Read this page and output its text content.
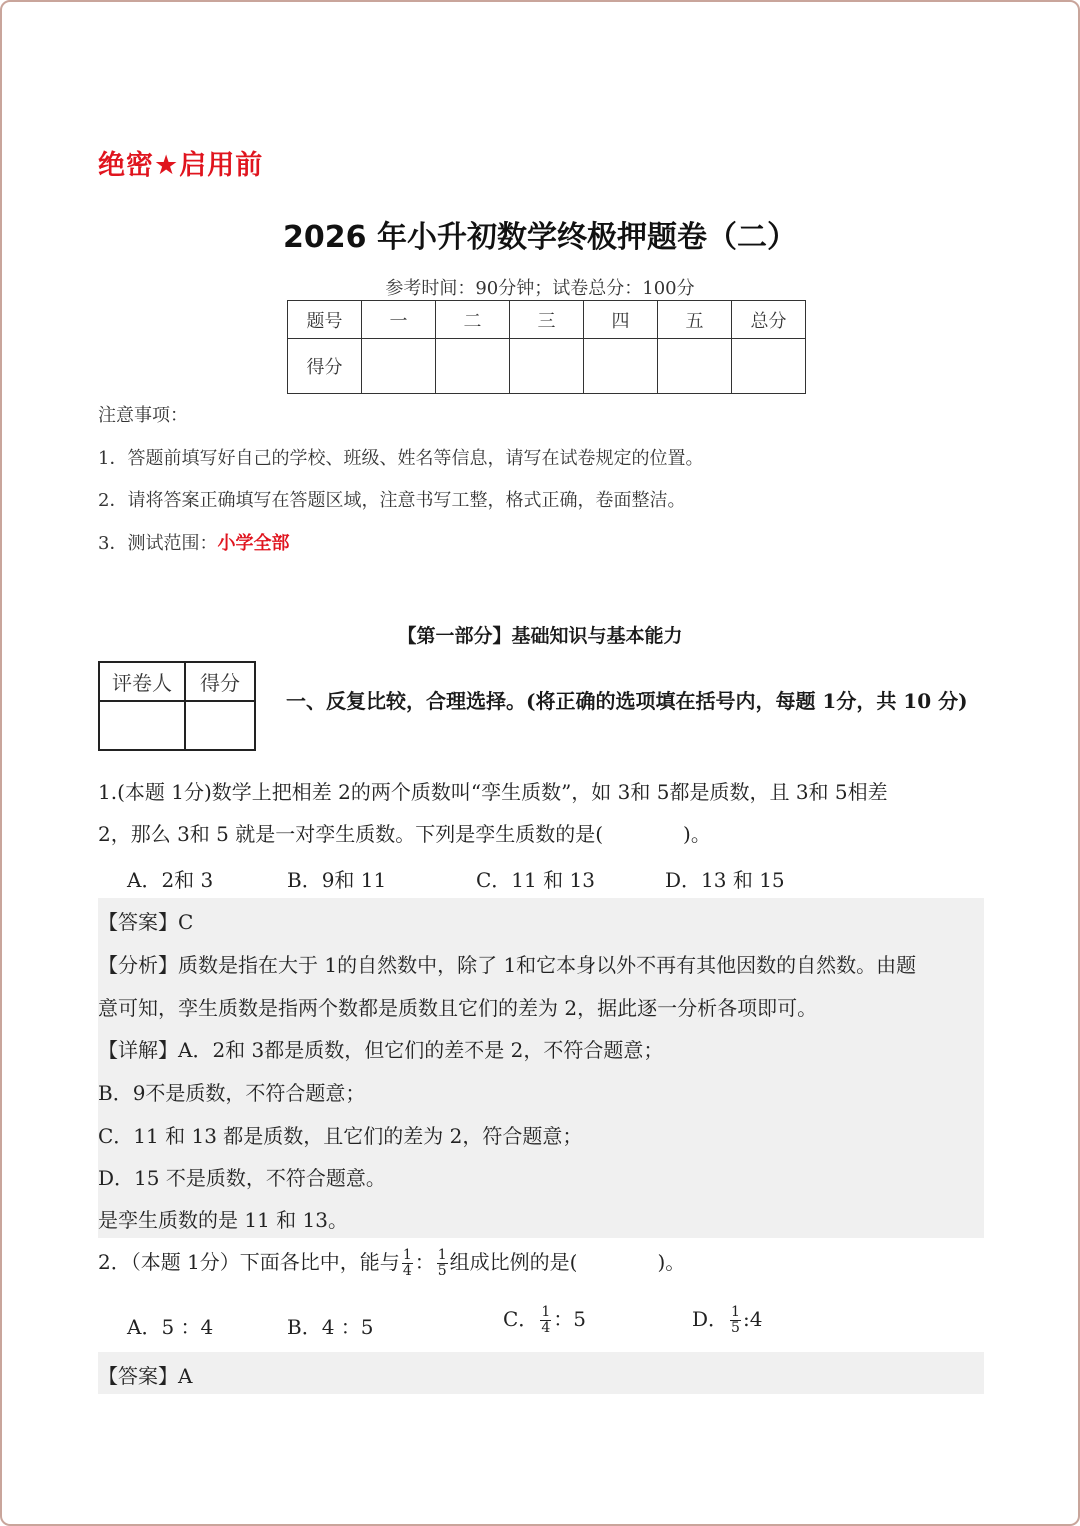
绝密★启用前
2026 年小升初数学终极押题卷（二）
参考时间：90分钟；试卷总分：100分
题号	一	二	三	四	五	总分
得分						
注意事项：
1．答题前填写好自己的学校、班级、姓名等信息，请写在试卷规定的位置。
2．请将答案正确填写在答题区域，注意书写工整，格式正确，卷面整洁。
3．测试范围：小学全部
【第一部分】基础知识与基本能力
评卷人	得分

一、反复比较，合理选择。(将正确的选项填在括号内，每题 1分，共 10 分)
1.(本题 1分)数学上把相差 2的两个质数叫“孪生质数”，如 3和 5都是质数，且 3和 5相差
2，那么 3和 5 就是一对孪生质数。下列是孪生质数的是(　　　　)。
A．2和 3	B．9和 11	C．11 和 13	D．13 和 15
【答案】C
【分析】质数是指在大于 1的自然数中，除了 1和它本身以外不再有其他因数的自然数。由题
意可知，孪生质数是指两个数都是质数且它们的差为 2，据此逐一分析各项即可。
【详解】A．2和 3都是质数，但它们的差不是 2，不符合题意；
B．9不是质数，不符合题意；
C．11 和 13 都是质数，且它们的差为 2，符合题意；
D．15 不是质数，不符合题意。
是孪生质数的是 11 和 13。
2．（本题 1分）下面各比中，能与 $\frac{1}{4}$ ： $\frac{1}{5}$ 组成比例的是(　　　　)。
A．5 ：4	B．4 ：5	C． $\frac{1}{4}$ ：5	D． $\frac{1}{5}$ :4
【答案】A
